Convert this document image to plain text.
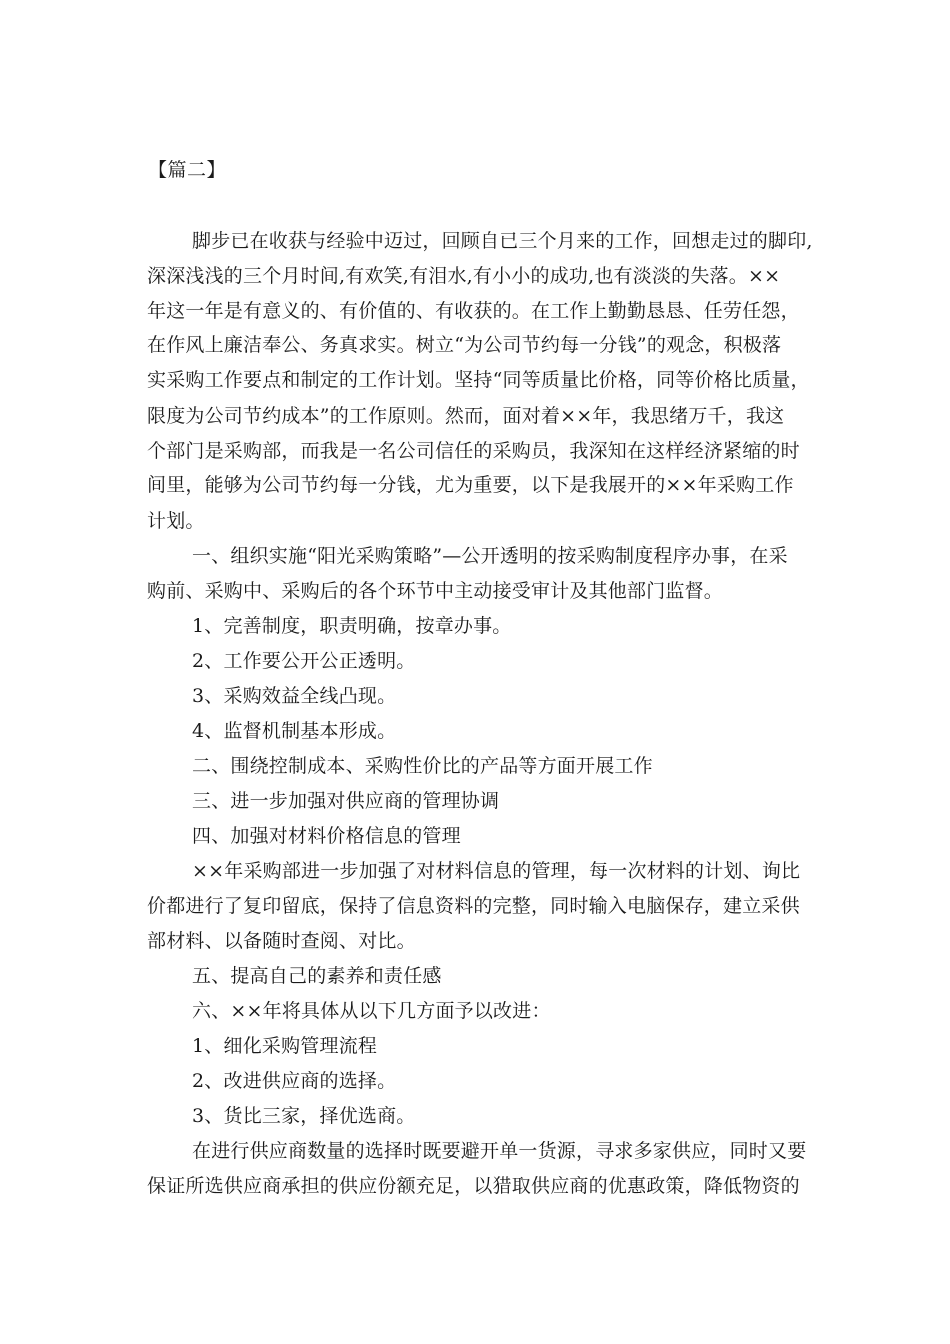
【篇二】
脚步已在收获与经验中迈过，回顾自已三个月来的工作，回想走过的脚印,
深深浅浅的三个月时间,有欢笑,有泪水,有小小的成功,也有淡淡的失落。××
年这一年是有意义的、有价值的、有收获的。在工作上勤勤恳恳、任劳任怨，
在作风上廉洁奉公、务真求实。树立“为公司节约每一分钱”的观念，积极落
实采购工作要点和制定的工作计划。坚持“同等质量比价格，同等价格比质量，
限度为公司节约成本”的工作原则。然而，面对着××年，我思绪万千，我这
个部门是采购部，而我是一名公司信任的采购员，我深知在这样经济紧缩的时
间里，能够为公司节约每一分钱，尤为重要，以下是我展开的××年采购工作
计划。
一、组织实施“阳光采购策略”—公开透明的按采购制度程序办事，在采
购前、采购中、采购后的各个环节中主动接受审计及其他部门监督。
1、完善制度，职责明确，按章办事。
2、工作要公开公正透明。
3、采购效益全线凸现。
4、监督机制基本形成。
二、围绕控制成本、采购性价比的产品等方面开展工作
三、进一步加强对供应商的管理协调
四、加强对材料价格信息的管理
××年采购部进一步加强了对材料信息的管理，每一次材料的计划、询比
价都进行了复印留底，保持了信息资料的完整，同时输入电脑保存，建立采供
部材料、以备随时查阅、对比。
五、提高自己的素养和责任感
六、××年将具体从以下几方面予以改进：
1、细化采购管理流程
2、改进供应商的选择。
3、货比三家，择优选商。
在进行供应商数量的选择时既要避开单一货源，寻求多家供应，同时又要
保证所选供应商承担的供应份额充足，以猎取供应商的优惠政策，降低物资的
